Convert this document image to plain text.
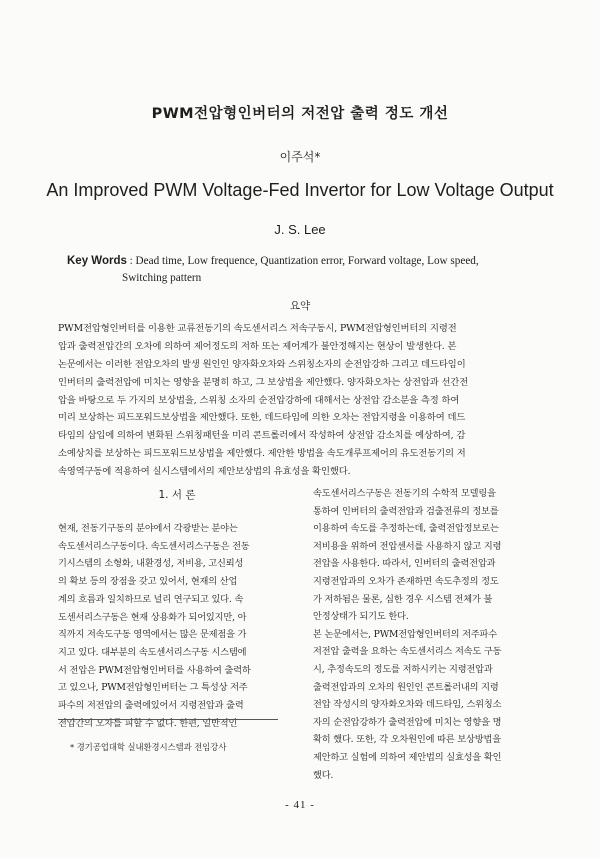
PWM전압형인버터의 저전압 출력 정도 개선
이주석*
An Improved PWM Voltage-Fed Invertor for Low Voltage Output
J. S. Lee
Key Words : Dead time, Low frequence, Quantization error, Forward voltage, Low speed,
Switching pattern
요약
PWM전압형인버터를 이용한 교류전동기의 속도센서리스 저속구동시, PWM전압형인버터의 지령전
압과 출력전압간의 오차에 의하여 제어정도의 저하 또는 제어계가 불안정해지는 현상이 발생한다. 본
논문에서는 이러한 전압오차의 발생 원인인 양자화오차와 스위칭소자의 순전압강하 그리고 데드타임이
인버터의 출력전압에 미치는 영향을 분명히 하고, 그 보상법을 제안했다. 양자화오차는 상전압과 선간전
압을 바탕으로 두 가지의 보상법을, 스위칭 소자의 순전압강하에 대해서는 상전압 감소분을 측정 하여
미리 보상하는 피드포워드보상법을 제안했다. 또한, 데드타임에 의한 오차는 전압지령을 이용하여 데드
타임의 삽입에 의하여 변화된 스위칭패턴을 미리 콘트롤러에서 작성하여 상전압 감소치를 예상하여, 감
소예상치를 보상하는 피드포워드보상법을 제안했다. 제안한 방법을 속도개루프제어의 유도전동기의 저
속영역구동에 적용하여 실시스템에서의 제안보상법의 유효성을 확인했다.
1. 서 론
현재, 전동기구동의 분야에서 각광받는 분야는
속도센서리스구동이다. 속도센서리스구동은 전동
기시스템의 소형화, 내환경성, 저비용, 고신뢰성
의 확보 등의 장점을 갖고 있어서, 현재의 산업
계의 흐름과 일치하므로 널리 연구되고 있다. 속
도센서리스구동은 현재 상용화가 되어있지만, 아
직까지 저속도구동 영역에서는 많은 문제점을 가
지고 있다. 대부분의 속도센서리스구동 시스템에
서 전압은 PWM전압형인버터를 사용하여 출력하
고 있으나, PWM전압형인버터는 그 특성상 저주
파수의 저전압의 출력에있어서 지령전압과 출력
전압간의 오차를 피할 수 없다. 한편, 일반적인
속도센서리스구동은 전동기의 수학적 모델링을
통하여 인버터의 출력전압과 검출전류의 정보를
이용하여 속도를 추정하는데, 출력전압정보로는
저비용을 위하여 전압센서를 사용하지 않고 지령
전압을 사용한다. 따라서, 인버터의 출력전압과
지령전압과의 오차가 존재하면 속도추정의 정도
가 저하됨은 물론, 심한 경우 시스템 전체가 불
안정상태가 되기도 한다.
본 논문에서는, PWM전압형인버터의 저주파수
저전압 출력을 요하는 속도센서리스 저속도 구동
시, 추정속도의 정도를 저하시키는 지령전압과
출력전압과의 오차의 원인인 콘트롤러내의 지령
전압 작성시의 양자화오차와 데드타임, 스위칭소
자의 순전압강하가 출력전압에 미치는 영향을 명
확히 했다. 또한, 각 오차원인에 따른 보상방법을
제안하고 실험에 의하여 제안법의 실효성을 확인
했다.
* 경기공업대학 실내환경시스템과 전임강사
- 41 -
